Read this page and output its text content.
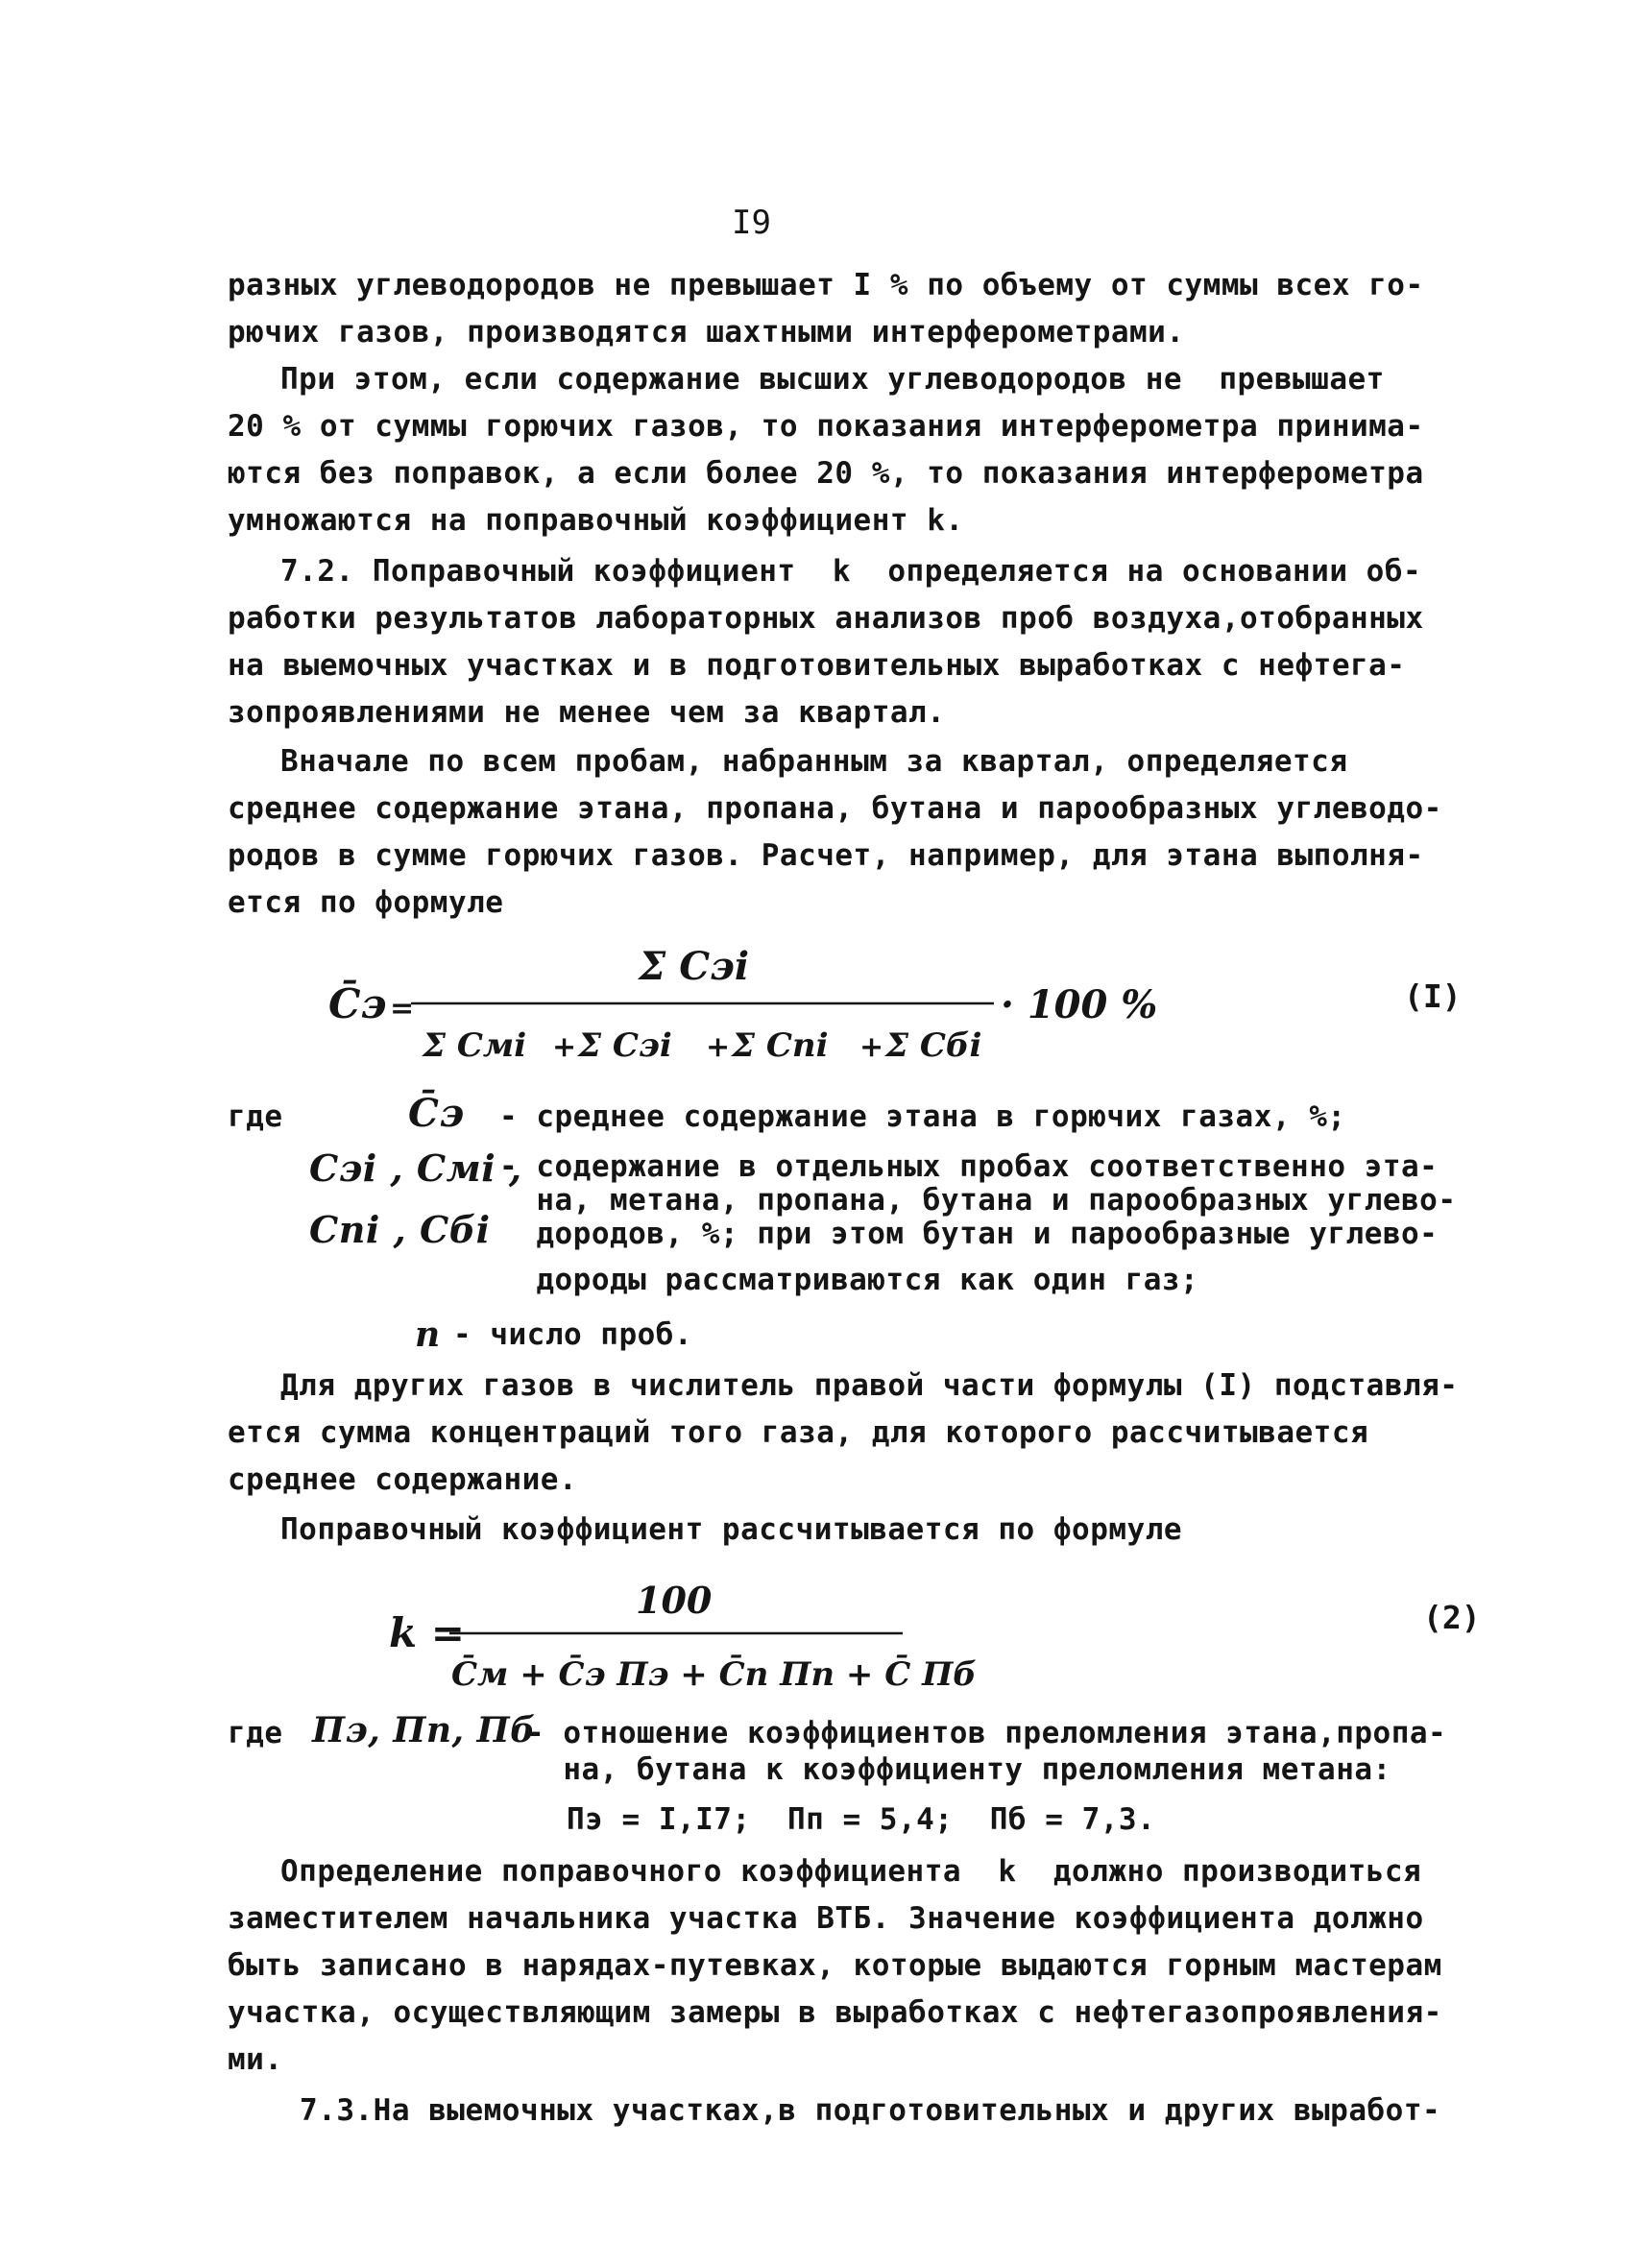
I9
разных углеводородов не превышает I % по объему от суммы всех го-
рючих газов, производятся шахтными интерферометрами.
При этом, если содержание высших углеводородов не  превышает
20 % от суммы горючих газов, то показания интерферометра принима-
ются без поправок, а если более 20 %, то показания интерферометра
умножаются на поправочный коэффициент k.
7.2. Поправочный коэффициент  k  определяется на основании об-
работки результатов лабораторных анализов проб воздуха,отобранных
на выемочных участках и в подготовительных выработках с нефтега-
зопроявлениями не менее чем за квартал.
Вначале по всем пробам, набранным за квартал, определяется
среднее содержание этана, пропана, бутана и парообразных углеводо-
родов в сумме горючих газов. Расчет, например, для этана выполня-
ется по формуле
C̄э =
Σ Cэi
Σ Cмi + Σ Cэi + Σ Cпi + Σ Cбi
· 100 %	(I)
где	C̄э - среднее содержание этана в горючих газах, %;
Cэi , Cмi ,
- содержание в отдельных пробах соответственно эта-
на, метана, пропана, бутана и парообразных углево-
Cпi , Cбi дородов, %; при этом бутан и парообразные углево-
дороды рассматриваются как один газ;
n - число проб.
Для других газов в числитель правой части формулы (I) подставля-
ется сумма концентраций того газа, для которого рассчитывается
среднее содержание.
Поправочный коэффициент рассчитывается по формуле
k =
100
C̄м + C̄э Пэ + C̄п Пп + C̄ Пб
(2)
где Пэ, Пп, Пб
- отношение коэффициентов преломления этана,пропа-
на, бутана к коэффициенту преломления метана:
Пэ = I,I7;  Пп = 5,4;  Пб = 7,3.
Определение поправочного коэффициента  k  должно производиться
заместителем начальника участка ВТБ. Значение коэффициента должно
быть записано в нарядах-путевках, которые выдаются горным мастерам
участка, осуществляющим замеры в выработках с нефтегазопроявления-
ми.
7.3.На выемочных участках,в подготовительных и других выработ-
